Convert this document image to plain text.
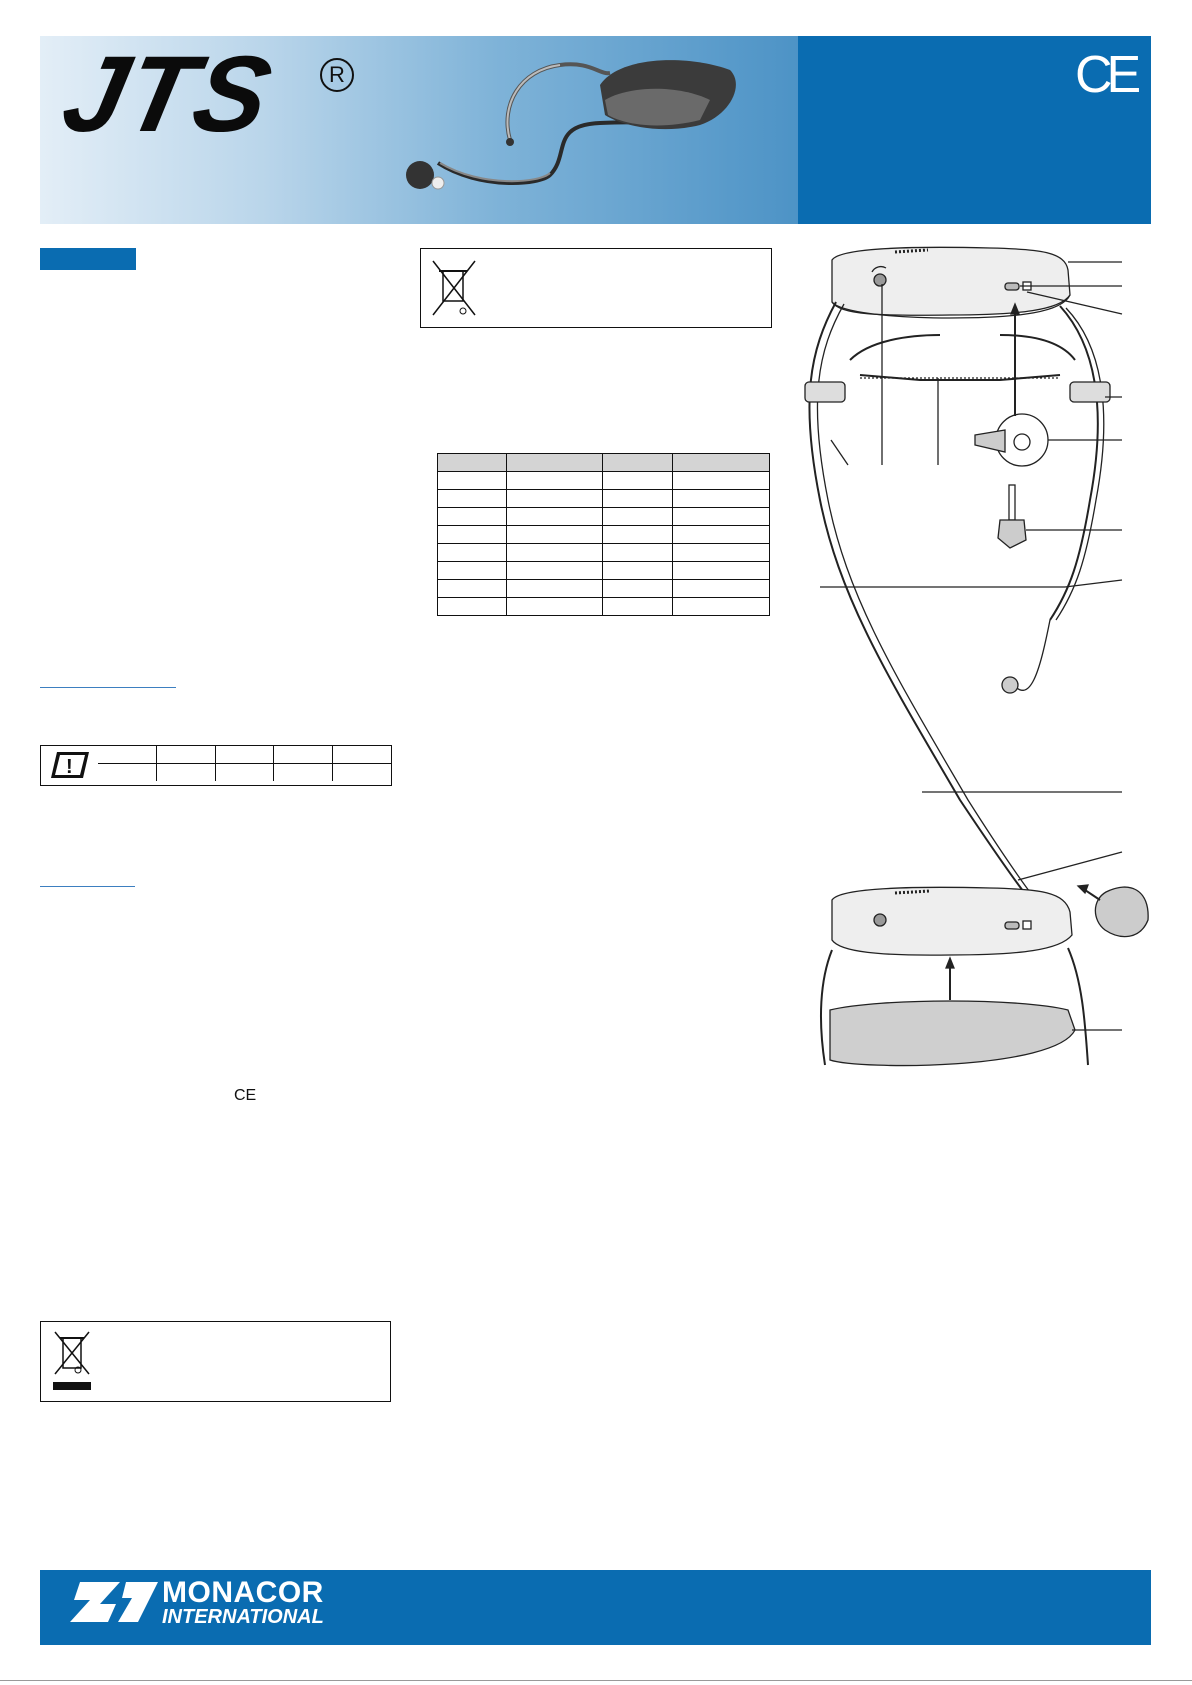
JTS	R	CE
!

CE

MONACOR
INTERNATIONAL
